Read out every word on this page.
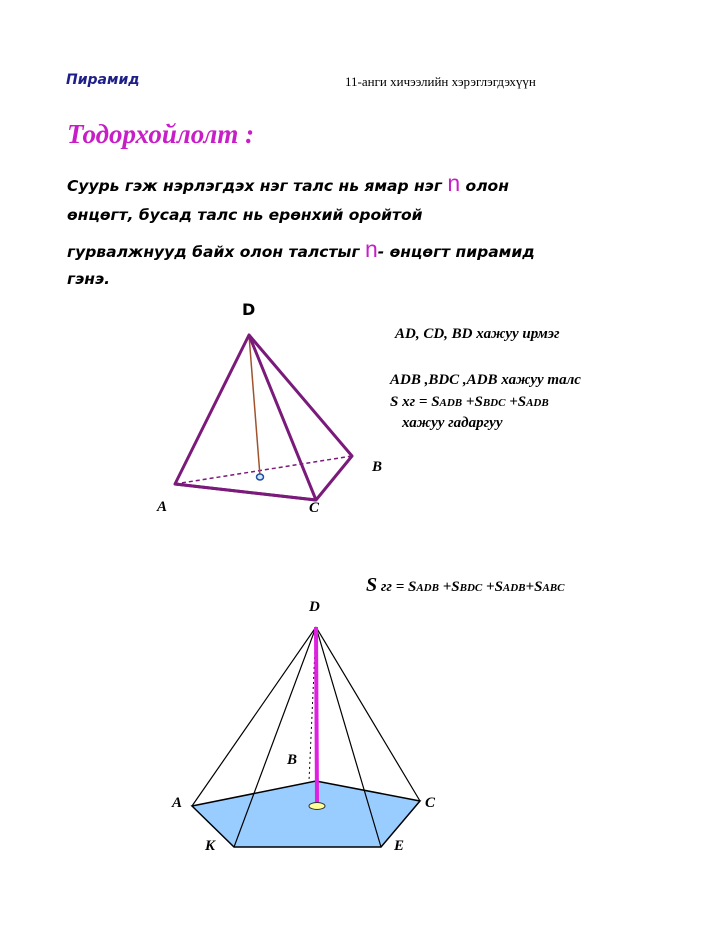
Пирамид	11-анги хичээлийн хэрэглэгдэхүүн
Тодорхойлолт :
Суурь гэж нэрлэгдэх нэг талс нь ямар нэг n олон
өнцөгт, бусад талс нь ерөнхий оройтой
гурвалжнууд байх олон талстыг n- өнцөгт пирамид
гэнэ.
D
A
B
C
AD, CD, BD хажуу ирмэг
ADB ,BDC ,ADB хажуу талс
S хг = SADB +SBDC +SADB
хажуу гадаргуу
S гг = SADB +SBDC +SADB+SABC
D
B
A	C
K	E
